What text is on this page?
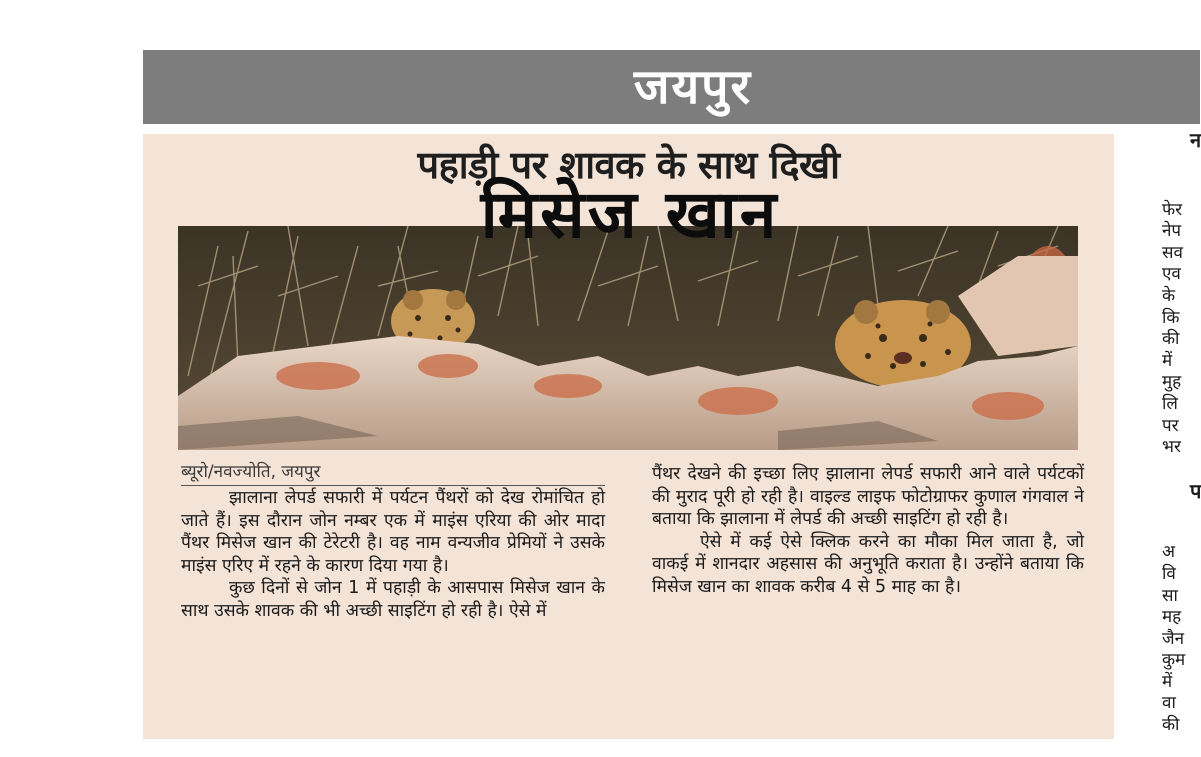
जयपुर
पहाड़ी पर शावक के साथ दिखी
मिसेज खान
ब्यूरो/नवज्योति, जयपुर

झालाना लेपर्ड सफारी में पर्यटन पैंथरों को देख रोमांचित हो जाते हैं। इस दौरान जोन नम्बर एक में माइंस एरिया की ओर मादा पैंथर मिसेज खान की टेरेटरी है। वह नाम वन्यजीव प्रेमियों ने उसके माइंस एरिए में रहने के कारण दिया गया है।

कुछ दिनों से जोन 1 में पहाड़ी के आसपास मिसेज खान के साथ उसके शावक की भी अच्छी साइटिंग हो रही है। ऐसे में

पैंथर देखने की इच्छा लिए झालाना लेपर्ड सफारी आने वाले पर्यटकों की मुराद पूरी हो रही है। वाइल्ड लाइफ फोटोग्राफर कुणाल गंगवाल ने बताया कि झालाना में लेपर्ड की अच्छी साइटिंग हो रही है।

ऐसे में कई ऐसे क्लिक करने का मौका मिल जाता है, जो वाकई में शानदार अहसास की अनुभूति कराता है। उन्होंने बताया कि मिसेज खान का शावक करीब 4 से 5 माह का है।

न
फेर
नेप
सव
एव
के
कि
की
में
मुह
लि
पर
भर
प
अ
वि
सा
मह
जैन
कुम
में
वा
की
